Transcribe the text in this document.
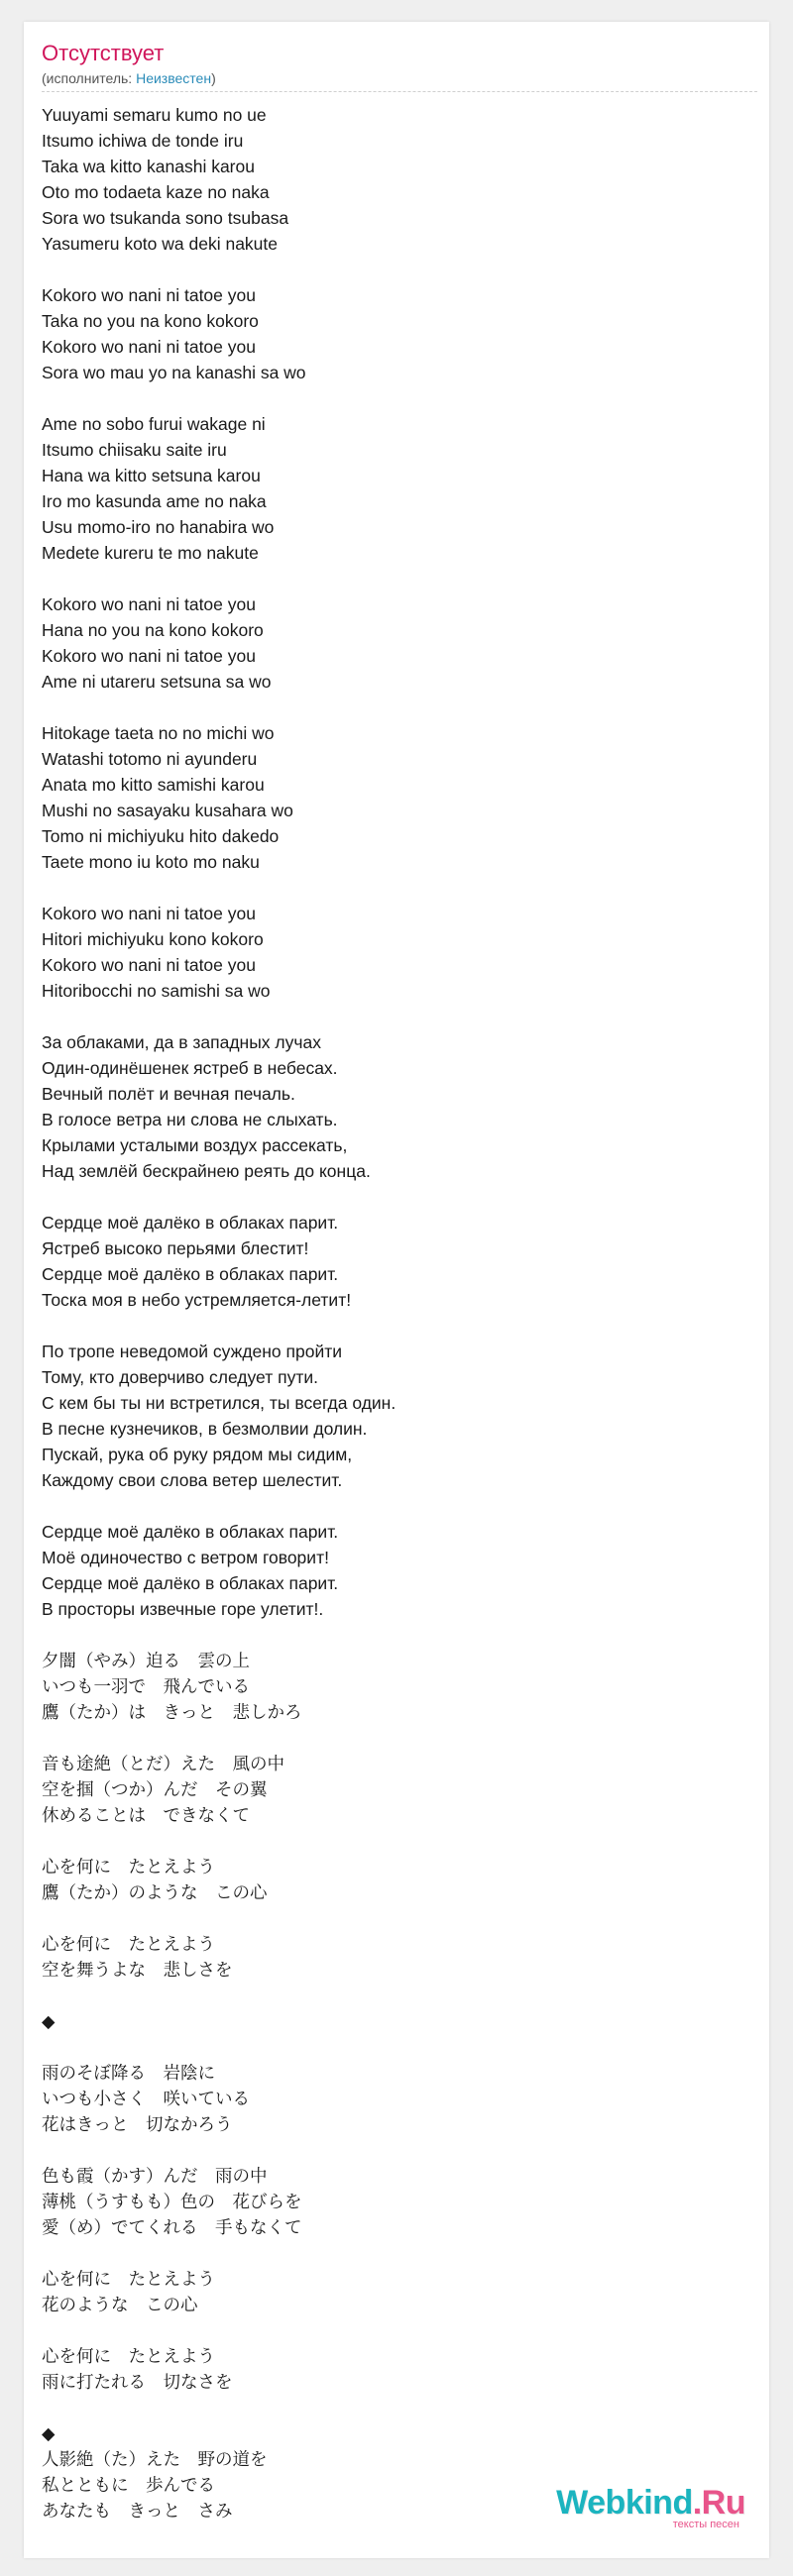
Отсутствует
(исполнитель: Неизвестен)
Yuuyami semaru kumo no ue
Itsumo ichiwa de tonde iru
Taka wa kitto kanashi karou
Oto mo todaeta kaze no naka
Sora wo tsukanda sono tsubasa
Yasumeru koto wa deki nakute
Kokoro wo nani ni tatoe you
Taka no you na kono kokoro
Kokoro wo nani ni tatoe you
Sora wo mau yo na kanashi sa wo
Ame no sobo furui wakage ni
Itsumo chiisaku saite iru
Hana wa kitto setsuna karou
Iro mo kasunda ame no naka
Usu momo-iro no hanabira wo
Medete kureru te mo nakute
Kokoro wo nani ni tatoe you
Hana no you na kono kokoro
Kokoro wo nani ni tatoe you
Ame ni utareru setsuna sa wo
Hitokage taeta no no michi wo
Watashi totomo ni ayunderu
Anata mo kitto samishi karou
Mushi no sasayaku kusahara wo
Tomo ni michiyuku hito dakedo
Taete mono iu koto mo naku
Kokoro wo nani ni tatoe you
Hitori michiyuku kono kokoro
Kokoro wo nani ni tatoe you
Hitoribocchi no samishi sa wo
За облаками, да в западных лучах
Один-одинёшенек ястреб в небесах.
Вечный полёт и вечная печаль.
В голосе ветра ни слова не слыхать.
Крылами усталыми воздух рассекать,
Над землёй бескрайнею реять до конца.
Сердце моё далёко в облаках парит.
Ястреб высоко перьями блестит!
Сердце моё далёко в облаках парит.
Тоска моя в небо устремляется-летит!
По тропе неведомой суждено пройти
Тому, кто доверчиво следует пути.
С кем бы ты ни встретился, ты всегда один.
В песне кузнечиков, в безмолвии долин.
Пускай, рука об руку рядом мы сидим,
Каждому свои слова ветер шелестит.
Сердце моё далёко в облаках парит.
Моё одиночество с ветром говорит!
Сердце моё далёко в облаках парит.
В просторы извечные горе улетит!.
夕闇（やみ）迫る　雲の上
いつも一羽で　飛んでいる
鷹（たか）は　きっと　悲しかろ
音も途絶（とだ）えた　風の中
空を掴（つか）んだ　その翼
休めることは　できなくて
心を何に　たとえよう
鷹（たか）のような　この心
心を何に　たとえよう
空を舞うよな　悲しさを
◆
雨のそぼ降る　岩陰に
いつも小さく　咲いている
花はきっと　切なかろう
色も霞（かす）んだ　雨の中
薄桃（うすもも）色の　花びらを
愛（め）でてくれる　手もなくて
心を何に　たとえよう
花のような　この心
心を何に　たとえよう
雨に打たれる　切なさを
◆
人影絶（た）えた　野の道を
私とともに　歩んでる
あなたも　きっと　さみ	Webkind.Ru
тексты песен
